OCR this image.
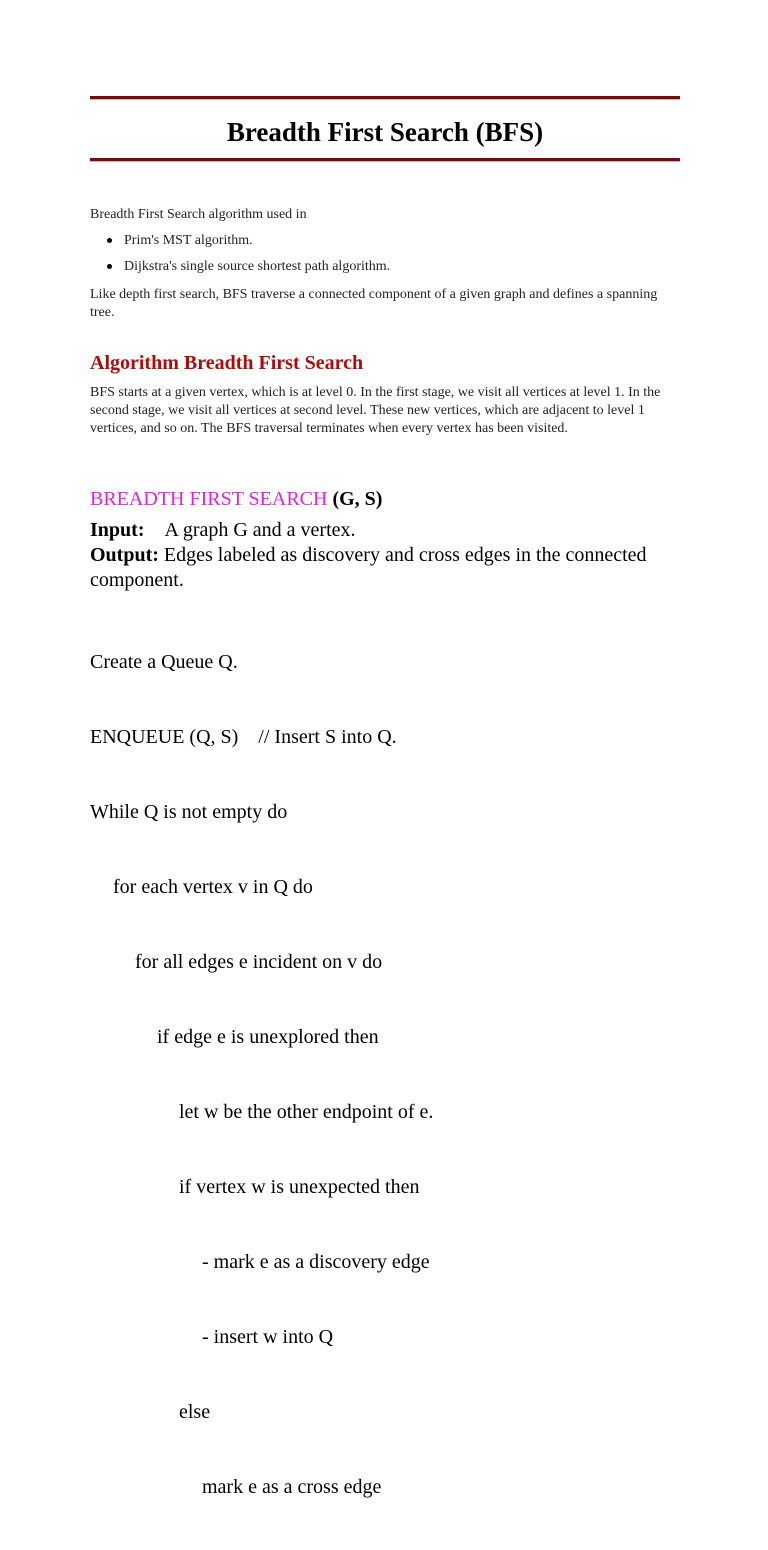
Breadth First Search (BFS)
Breadth First Search algorithm used in
Prim's MST algorithm.
Dijkstra's single source shortest path algorithm.
Like depth first search, BFS traverse a connected component of a given graph and defines a spanning tree.
Algorithm Breadth First Search
BFS starts at a given vertex, which is at level 0. In the first stage, we visit all vertices at level 1. In the second stage, we visit all vertices at second level. These new vertices, which are adjacent to level 1 vertices, and so on. The BFS traversal terminates when every vertex has been visited.
BREADTH FIRST SEARCH (G, S)
Input: A graph G and a vertex.
Output: Edges labeled as discovery and cross edges in the connected component.

Create a Queue Q.

ENQUEUE (Q, S)    // Insert S into Q.

While Q is not empty do

for each vertex v in Q do

for all edges e incident on v do

if edge e is unexplored then

let w be the other endpoint of e.

if vertex w is unexpected then

- mark e as a discovery edge

- insert w into Q

else

mark e as a cross edge
